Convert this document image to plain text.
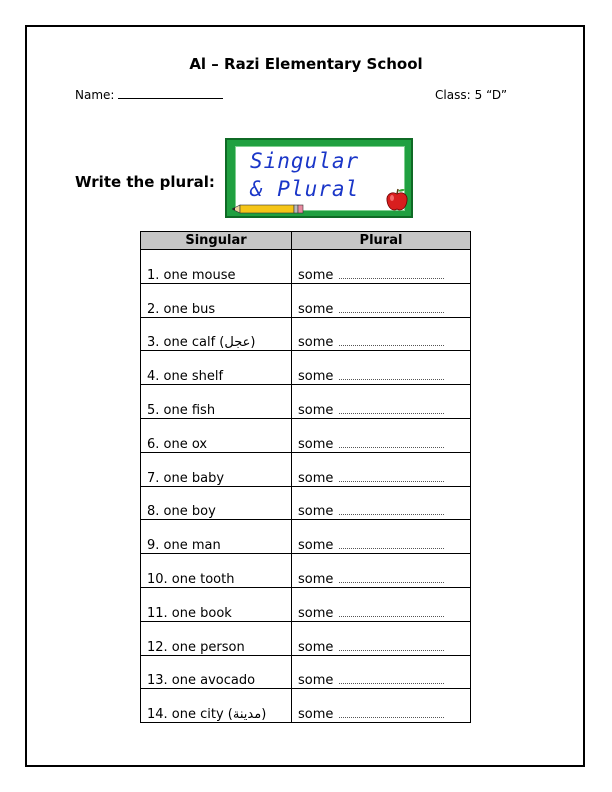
Al – Razi Elementary School
Name:	Class: 5 “D”
Write the plural:
Singular
& Plural
Singular	Plural
1. one mouse	some
2. one bus	some
3. one calf (عجل)	some
4. one shelf	some
5. one fish	some
6. one ox	some
7. one baby	some
8. one boy	some
9. one man	some
10. one tooth	some
11. one book	some
12. one person	some
13. one avocado	some
14. one city (مدينة)	some
